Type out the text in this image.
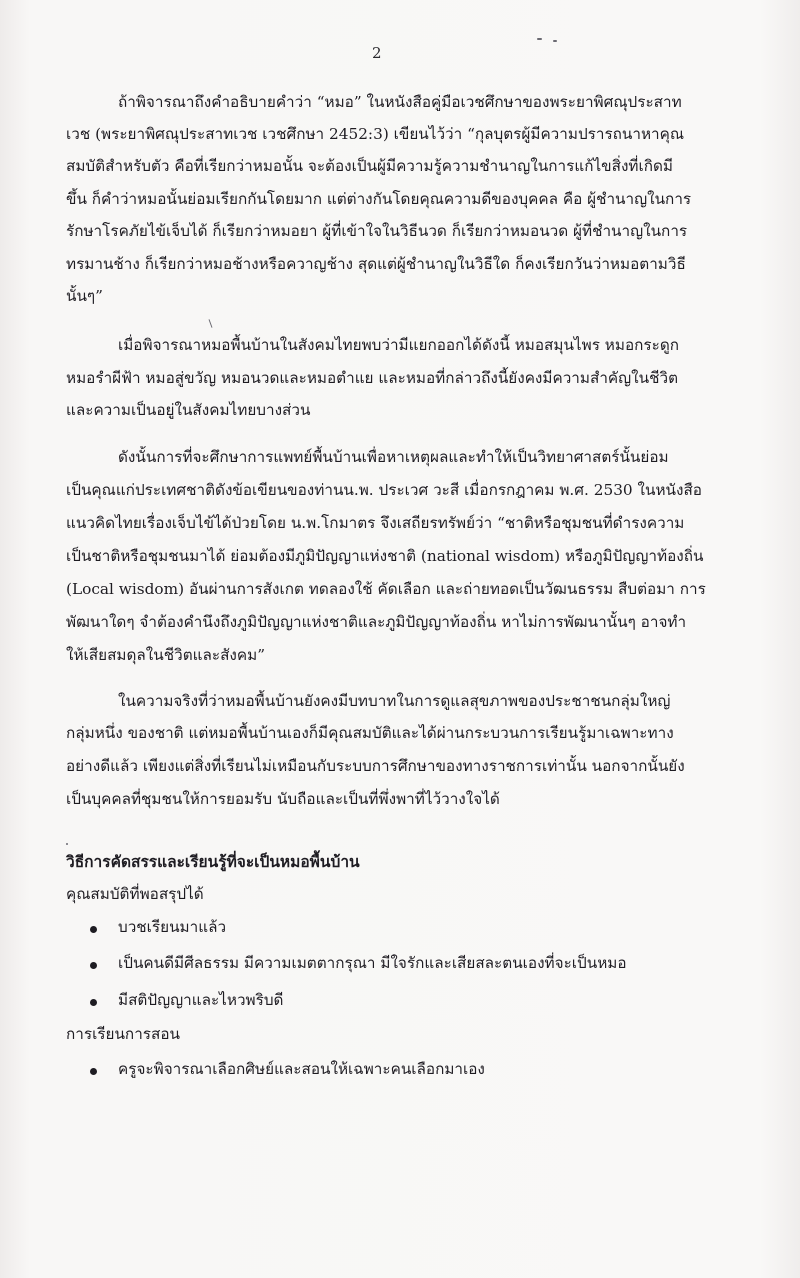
2
ถ้าพิจารณาถึงคำอธิบายคำว่า “หมอ” ในหนังสือคู่มือเวชศึกษาของพระยาพิศณุประสาท
เวช (พระยาพิศณุประสาทเวช เวชศึกษา 2452:3) เขียนไว้ว่า “กุลบุตรผู้มีความปรารถนาหาคุณ
สมบัติสำหรับตัว คือที่เรียกว่าหมอนั้น จะต้องเป็นผู้มีความรู้ความชำนาญในการแก้ไขสิ่งที่เกิดมี
ขึ้น ก็คำว่าหมอนั้นย่อมเรียกกันโดยมาก แต่ต่างกันโดยคุณความดีของบุคคล คือ ผู้ชำนาญในการ
รักษาโรคภัยไข้เจ็บได้ ก็เรียกว่าหมอยา ผู้ที่เข้าใจในวิธีนวด ก็เรียกว่าหมอนวด ผู้ที่ชำนาญในการ
ทรมานช้าง ก็เรียกว่าหมอช้างหรือควาญช้าง สุดแต่ผู้ชำนาญในวิธีใด ก็คงเรียกวันว่าหมอตามวิธี
นั้นๆ”
เมื่อพิจารณาหมอพื้นบ้านในสังคมไทยพบว่ามีแยกออกได้ดังนี้ หมอสมุนไพร หมอกระดูก
หมอรำผีฟ้า หมอสู่ขวัญ หมอนวดและหมอตำแย และหมอที่กล่าวถึงนี้ยังคงมีความสำคัญในชีวิต
และความเป็นอยู่ในสังคมไทยบางส่วน
ดังนั้นการที่จะศึกษาการแพทย์พื้นบ้านเพื่อหาเหตุผลและทำให้เป็นวิทยาศาสตร์นั้นย่อม
เป็นคุณแก่ประเทศชาติดังข้อเขียนของท่านน.พ. ประเวศ วะสี เมื่อกรกฎาคม พ.ศ. 2530 ในหนังสือ
แนวคิดไทยเรื่องเจ็บไข้ได้ป่วยโดย น.พ.โกมาตร จึงเสถียรทรัพย์ว่า “ชาติหรือชุมชนที่ดำรงความ
เป็นชาติหรือชุมชนมาได้ ย่อมต้องมีภูมิปัญญาแห่งชาติ (national wisdom) หรือภูมิปัญญาท้องถิ่น
(Local wisdom) อันผ่านการสังเกต ทดลองใช้ คัดเลือก และถ่ายทอดเป็นวัฒนธรรม สืบต่อมา การ
พัฒนาใดๆ จำต้องคำนึงถึงภูมิปัญญาแห่งชาติและภูมิปัญญาท้องถิ่น หาไม่การพัฒนานั้นๆ อาจทำ
ให้เสียสมดุลในชีวิตและสังคม”
ในความจริงที่ว่าหมอพื้นบ้านยังคงมีบทบาทในการดูแลสุขภาพของประชาชนกลุ่มใหญ่
กลุ่มหนึ่ง ของชาติ แต่หมอพื้นบ้านเองก็มีคุณสมบัติและได้ผ่านกระบวนการเรียนรู้มาเฉพาะทาง
อย่างดีแล้ว เพียงแต่สิ่งที่เรียนไม่เหมือนกับระบบการศึกษาของทางราชการเท่านั้น นอกจากนั้นยัง
เป็นบุคคลที่ชุมชนให้การยอมรับ นับถือและเป็นที่พึ่งพาที่ไว้วางใจได้
วิธีการคัดสรรและเรียนรู้ที่จะเป็นหมอพื้นบ้าน
คุณสมบัติที่พอสรุปได้
บวชเรียนมาแล้ว
เป็นคนดีมีศีลธรรม มีความเมตตากรุณา มีใจรักและเสียสละตนเองที่จะเป็นหมอ
มีสติปัญญาและไหวพริบดี
การเรียนการสอน
ครูจะพิจารณาเลือกศิษย์และสอนให้เฉพาะคนเลือกมาเอง
